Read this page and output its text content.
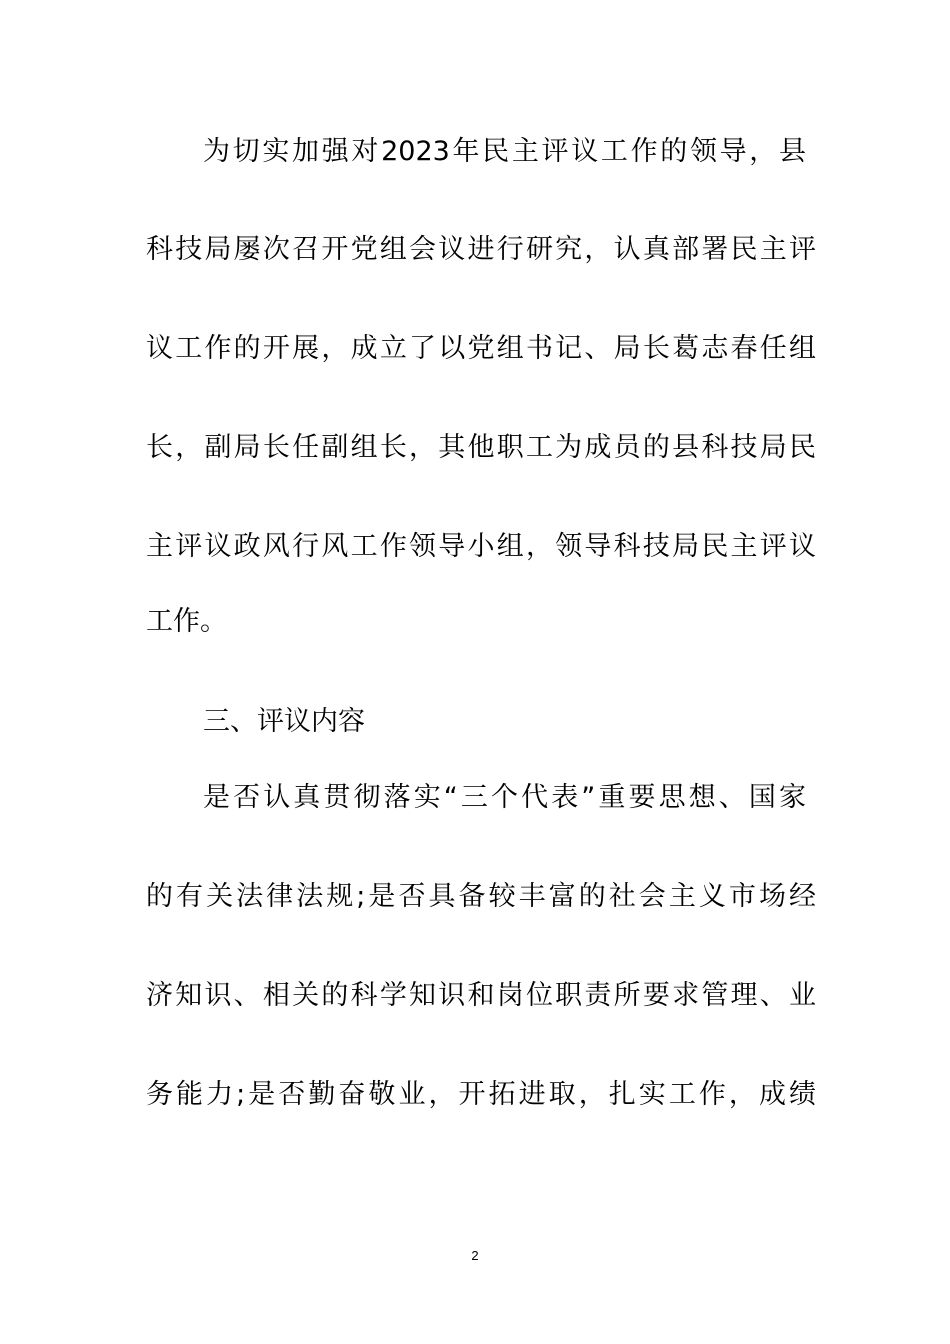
为切实加强对2023年民主评议工作的领导，县
科技局屡次召开党组会议进行研究，认真部署民主评
议工作的开展，成立了以党组书记、局长葛志春任组
长，副局长任副组长，其他职工为成员的县科技局民
主评议政风行风工作领导小组，领导科技局民主评议
工作。
三、评议内容
是否认真贯彻落实“三个代表”重要思想、国家
的有关法律法规;是否具备较丰富的社会主义市场经
济知识、相关的科学知识和岗位职责所要求管理、业
务能力;是否勤奋敬业，开拓进取，扎实工作，成绩
2
